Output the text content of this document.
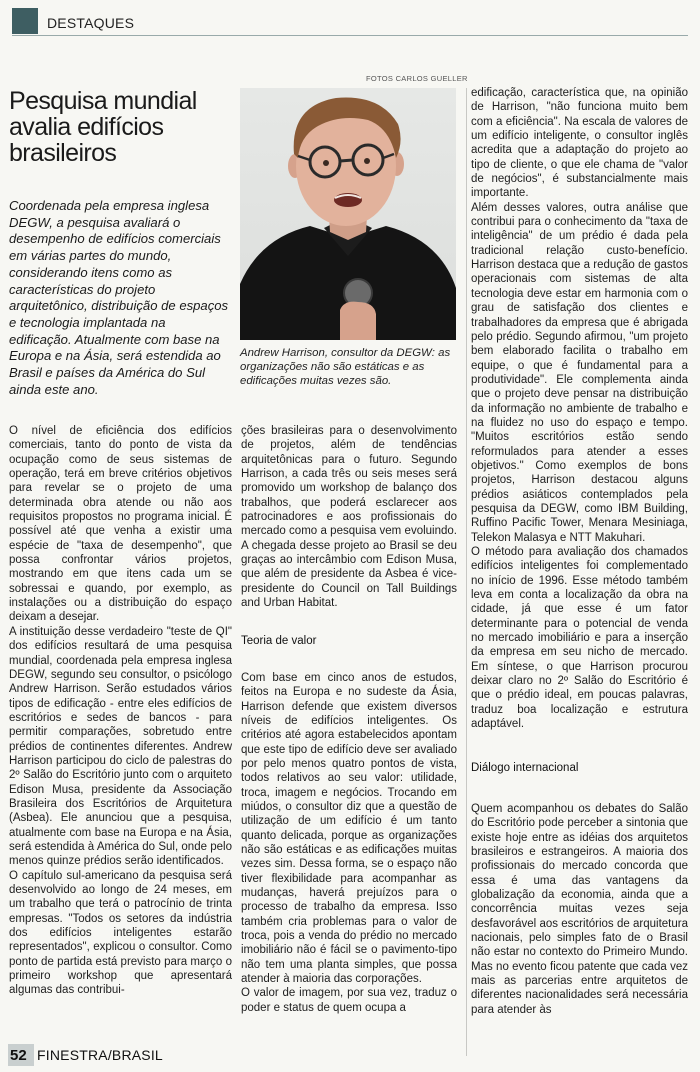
DESTAQUES
FOTOS CARLOS GUELLER
Pesquisa mundial avalia edifícios brasileiros
Coordenada pela empresa inglesa DEGW, a pesquisa avaliará o desempenho de edifícios comerciais em várias partes do mundo, considerando itens como as características do projeto arquitetônico, distribuição de espaços e tecnologia implantada na edificação. Atualmente com base na Europa e na Ásia, será estendida ao Brasil e países da América do Sul ainda este ano.
Andrew Harrison, consultor da DEGW: as organizações não são estáticas e as edificações muitas vezes são.

O nível de eficiência dos edifícios comerciais, tanto do ponto de vista da ocupação como de seus sistemas de operação, terá em breve critérios objetivos para revelar se o projeto de uma determinada obra atende ou não aos requisitos propostos no programa inicial. É possível até que venha a existir uma espécie de "taxa de desempenho", que possa confrontar vários projetos, mostrando em que itens cada um se sobressai e quando, por exemplo, as instalações ou a distribuição do espaço deixam a desejar.

A instituição desse verdadeiro "teste de QI" dos edifícios resultará de uma pesquisa mundial, coordenada pela empresa inglesa DEGW, segundo seu consultor, o psicólogo Andrew Harrison. Serão estudados vários tipos de edificação - entre eles edifícios de escritórios e sedes de bancos - para permitir comparações, sobretudo entre prédios de continentes diferentes. Andrew Harrison participou do ciclo de palestras do 2º Salão do Escritório junto com o arquiteto Edison Musa, presidente da Associação Brasileira dos Escritórios de Arquitetura (Asbea). Ele anunciou que a pesquisa, atualmente com base na Europa e na Ásia, será estendida à América do Sul, onde pelo menos quinze prédios serão identificados.

O capítulo sul-americano da pesquisa será desenvolvido ao longo de 24 meses, em um trabalho que terá o patrocínio de trinta empresas. "Todos os setores da indústria dos edifícios inteligentes estarão representados", explicou o consultor. Como ponto de partida está previsto para março o primeiro workshop que apresentará algumas das contribui-

ções brasileiras para o desenvolvimento de projetos, além de tendências arquitetônicas para o futuro. Segundo Harrison, a cada três ou seis meses será promovido um workshop de balanço dos trabalhos, que poderá esclarecer aos patrocinadores e aos profissionais do mercado como a pesquisa vem evoluindo. A chegada desse projeto ao Brasil se deu graças ao intercâmbio com Edison Musa, que além de presidente da Asbea é vice-presidente do Council on Tall Buildings and Urban Habitat.

Teoria de valor

Com base em cinco anos de estudos, feitos na Europa e no sudeste da Ásia, Harrison defende que existem diversos níveis de edifícios inteligentes. Os critérios até agora estabelecidos apontam que este tipo de edifício deve ser avaliado por pelo menos quatro pontos de vista, todos relativos ao seu valor: utilidade, troca, imagem e negócios. Trocando em miúdos, o consultor diz que a questão de utilização de um edifício é um tanto quanto delicada, porque as organizações não são estáticas e as edificações muitas vezes sim. Dessa forma, se o espaço não tiver flexibilidade para acompanhar as mudanças, haverá prejuízos para o processo de trabalho da empresa. Isso também cria problemas para o valor de troca, pois a venda do prédio no mercado imobiliário não é fácil se o pavimento-tipo não tem uma planta simples, que possa atender à maioria das corporações.

O valor de imagem, por sua vez, traduz o poder e status de quem ocupa a

edificação, característica que, na opinião de Harrison, "não funciona muito bem com a eficiência". Na escala de valores de um edifício inteligente, o consultor inglês acredita que a adaptação do projeto ao tipo de cliente, o que ele chama de "valor de negócios", é substancialmente mais importante.

Além desses valores, outra análise que contribui para o conhecimento da "taxa de inteligência" de um prédio é dada pela tradicional relação custo-benefício. Harrison destaca que a redução de gastos operacionais com sistemas de alta tecnologia deve estar em harmonia com o grau de satisfação dos clientes e trabalhadores da empresa que é abrigada pelo prédio. Segundo afirmou, "um projeto bem elaborado facilita o trabalho em equipe, o que é fundamental para a produtividade". Ele complementa ainda que o projeto deve pensar na distribuição da informação no ambiente de trabalho e na fluidez no uso do espaço e tempo. "Muitos escritórios estão sendo reformulados para atender a esses objetivos." Como exemplos de bons projetos, Harrison destacou alguns prédios asiáticos contemplados pela pesquisa da DEGW, como IBM Building, Ruffino Pacific Tower, Menara Mesiniaga, Telekon Malasya e NTT Makuhari.

O método para avaliação dos chamados edifícios inteligentes foi complementado no início de 1996. Esse método também leva em conta a localização da obra na cidade, já que esse é um fator determinante para o potencial de venda no mercado imobiliário e para a inserção da empresa em seu nicho de mercado. Em síntese, o que Harrison procurou deixar claro no 2º Salão do Escritório é que o prédio ideal, em poucas palavras, traduz boa localização e estrutura adaptável.

Diálogo internacional

Quem acompanhou os debates do Salão do Escritório pode perceber a sintonia que existe hoje entre as idéias dos arquitetos brasileiros e estrangeiros. A maioria dos profissionais do mercado concorda que essa é uma das vantagens da globalização da economia, ainda que a concorrência muitas vezes seja desfavorável aos escritórios de arquitetura nacionais, pelo simples fato de o Brasil não estar no contexto do Primeiro Mundo. Mas no evento ficou patente que cada vez mais as parcerias entre arquitetos de diferentes nacionalidades será necessária para atender às

52 FINESTRA/BRASIL
